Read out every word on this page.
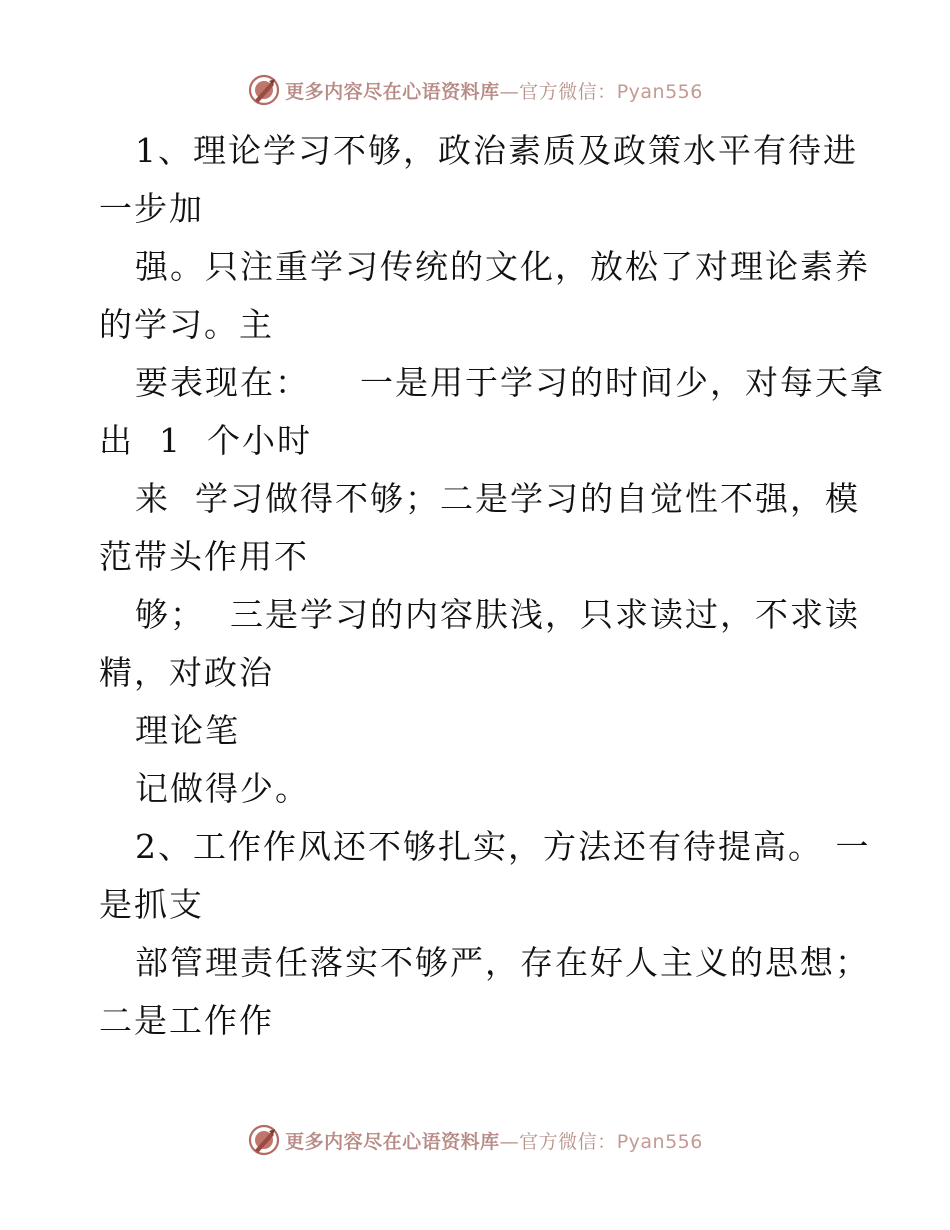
更多内容尽在心语资料库—官方微信：Pyan556
1、理论学习不够，政治素质及政策水平有待进
一步加
强。只注重学习传统的文化，放松了对理论素养
的学习。主
要表现在：    一是用于学习的时间少，对每天拿
出  1  个小时
来  学习做得不够；二是学习的自觉性不强，模
范带头作用不
够；  三是学习的内容肤浅，只求读过，不求读
精，对政治
理论笔
记做得少。
2、工作作风还不够扎实，方法还有待提高。 一
是抓支
部管理责任落实不够严，存在好人主义的思想；
二是工作作
更多内容尽在心语资料库—官方微信：Pyan556
